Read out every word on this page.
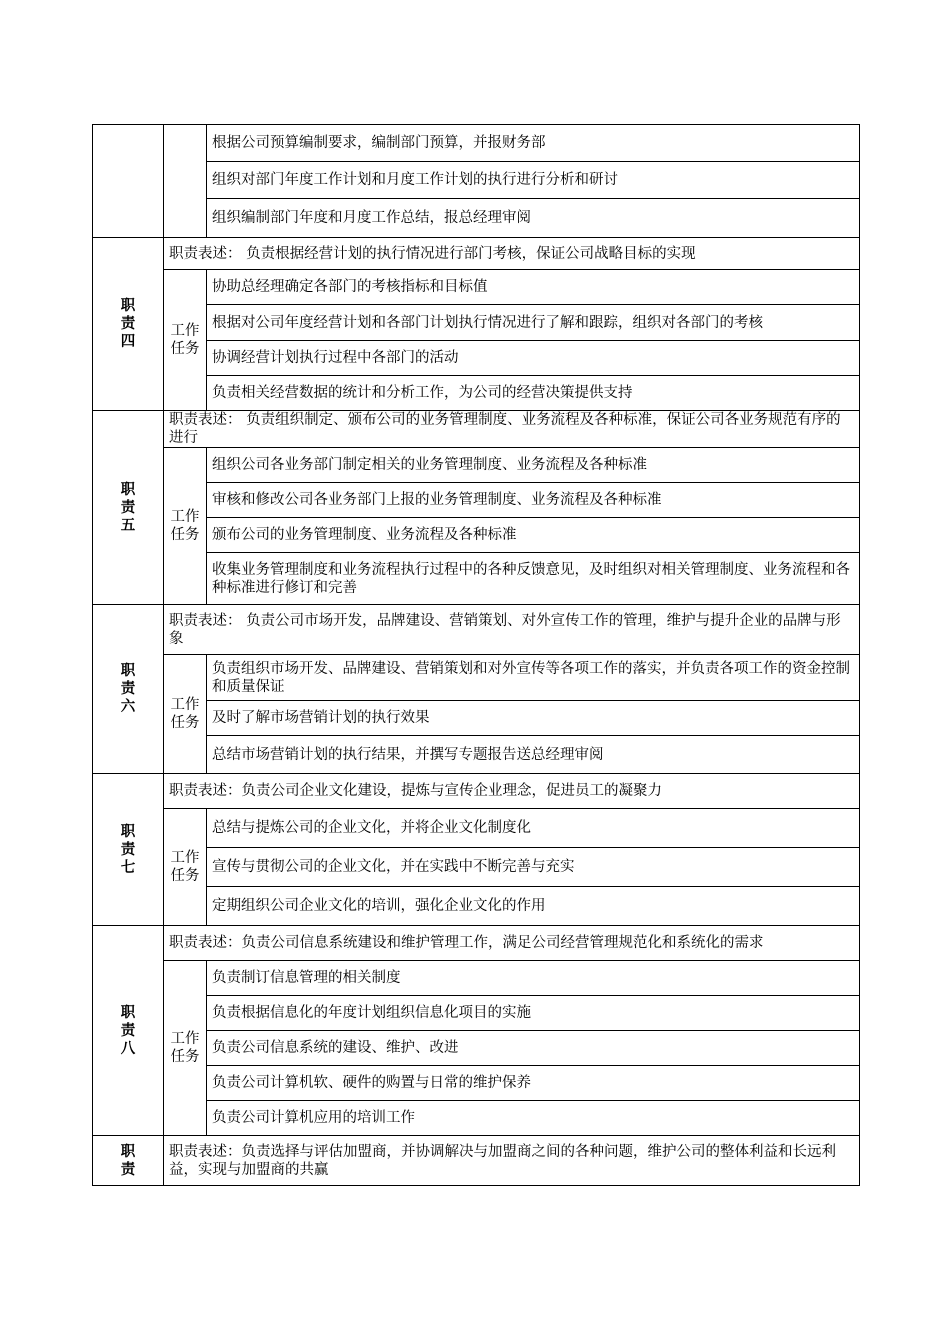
		根据公司预算编制要求，编制部门预算，并报财务部
		组织对部门年度工作计划和月度工作计划的执行进行分析和研讨
		组织编制部门年度和月度工作总结，报总经理审阅
职责四	职责表述： 负责根据经营计划的执行情况进行部门考核，保证公司战略目标的实现	
	工作任务	协助总经理确定各部门的考核指标和目标值
		根据对公司年度经营计划和各部门计划执行情况进行了解和跟踪，组织对各部门的考核
		协调经营计划执行过程中各部门的活动
		负责相关经营数据的统计和分析工作，为公司的经营决策提供支持
职责五	职责表述： 负责组织制定、颁布公司的业务管理制度、业务流程及各种标准，保证公司各业务规范有序的进行	
	工作任务	组织公司各业务部门制定相关的业务管理制度、业务流程及各种标准
		审核和修改公司各业务部门上报的业务管理制度、业务流程及各种标准
		颁布公司的业务管理制度、业务流程及各种标准
		收集业务管理制度和业务流程执行过程中的各种反馈意见，及时组织对相关管理制度、业务流程和各种标准进行修订和完善
职责六	职责表述： 负责公司市场开发，品牌建设、营销策划、对外宣传工作的管理，维护与提升企业的品牌与形象	
	工作任务	负责组织市场开发、品牌建设、营销策划和对外宣传等各项工作的落实，并负责各项工作的资金控制和质量保证
		及时了解市场营销计划的执行效果
		总结市场营销计划的执行结果，并撰写专题报告送总经理审阅
职责七	职责表述：负责公司企业文化建设，提炼与宣传企业理念，促进员工的凝聚力	
	工作任务	总结与提炼公司的企业文化，并将企业文化制度化
		宣传与贯彻公司的企业文化，并在实践中不断完善与充实
		定期组织公司企业文化的培训，强化企业文化的作用
职责八	职责表述：负责公司信息系统建设和维护管理工作，满足公司经营管理规范化和系统化的需求	
	工作任务	负责制订信息管理的相关制度
		负责根据信息化的年度计划组织信息化项目的实施
		负责公司信息系统的建设、维护、改进
		负责公司计算机软、硬件的购置与日常的维护保养
		负责公司计算机应用的培训工作
职责	职责表述：负责选择与评估加盟商，并协调解决与加盟商之间的各种问题，维护公司的整体利益和长远利益，实现与加盟商的共赢	
